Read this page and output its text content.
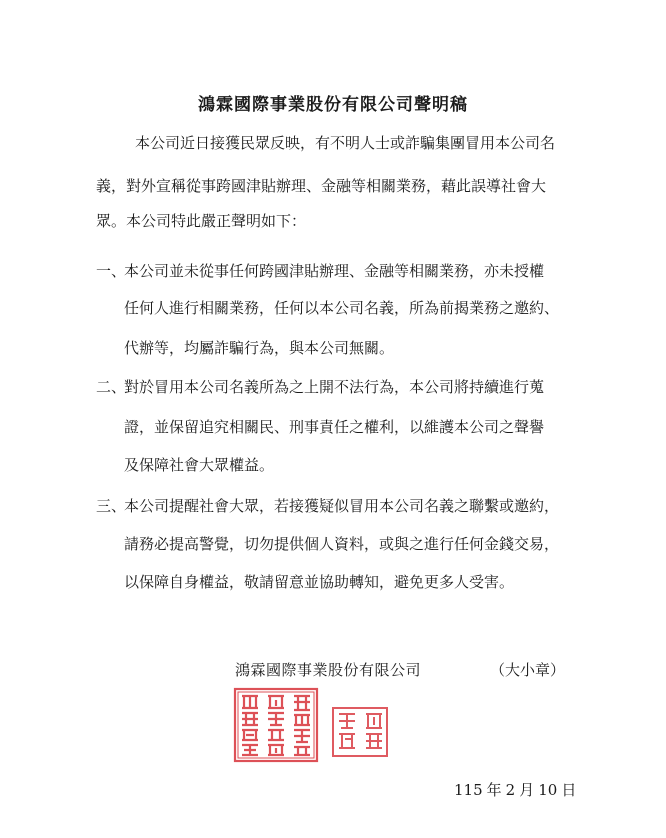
鴻霖國際事業股份有限公司聲明稿
本公司近日接獲民眾反映，有不明人士或詐騙集團冒用本公司名
義，對外宣稱從事跨國津貼辦理、金融等相關業務，藉此誤導社會大
眾。本公司特此嚴正聲明如下：
一、
本公司並未從事任何跨國津貼辦理、金融等相關業務，亦未授權
任何人進行相關業務，任何以本公司名義，所為前揭業務之邀約、
代辦等，均屬詐騙行為，與本公司無關。
二、
對於冒用本公司名義所為之上開不法行為，本公司將持續進行蒐
證，並保留追究相關民、刑事責任之權利，以維護本公司之聲譽
及保障社會大眾權益。
三、
本公司提醒社會大眾，若接獲疑似冒用本公司名義之聯繫或邀約，
請務必提高警覺，切勿提供個人資料，或與之進行任何金錢交易，
以保障自身權益，敬請留意並協助轉知，避免更多人受害。
鴻霖國際事業股份有限公司	（大小章）
115 年 2 月 10 日
